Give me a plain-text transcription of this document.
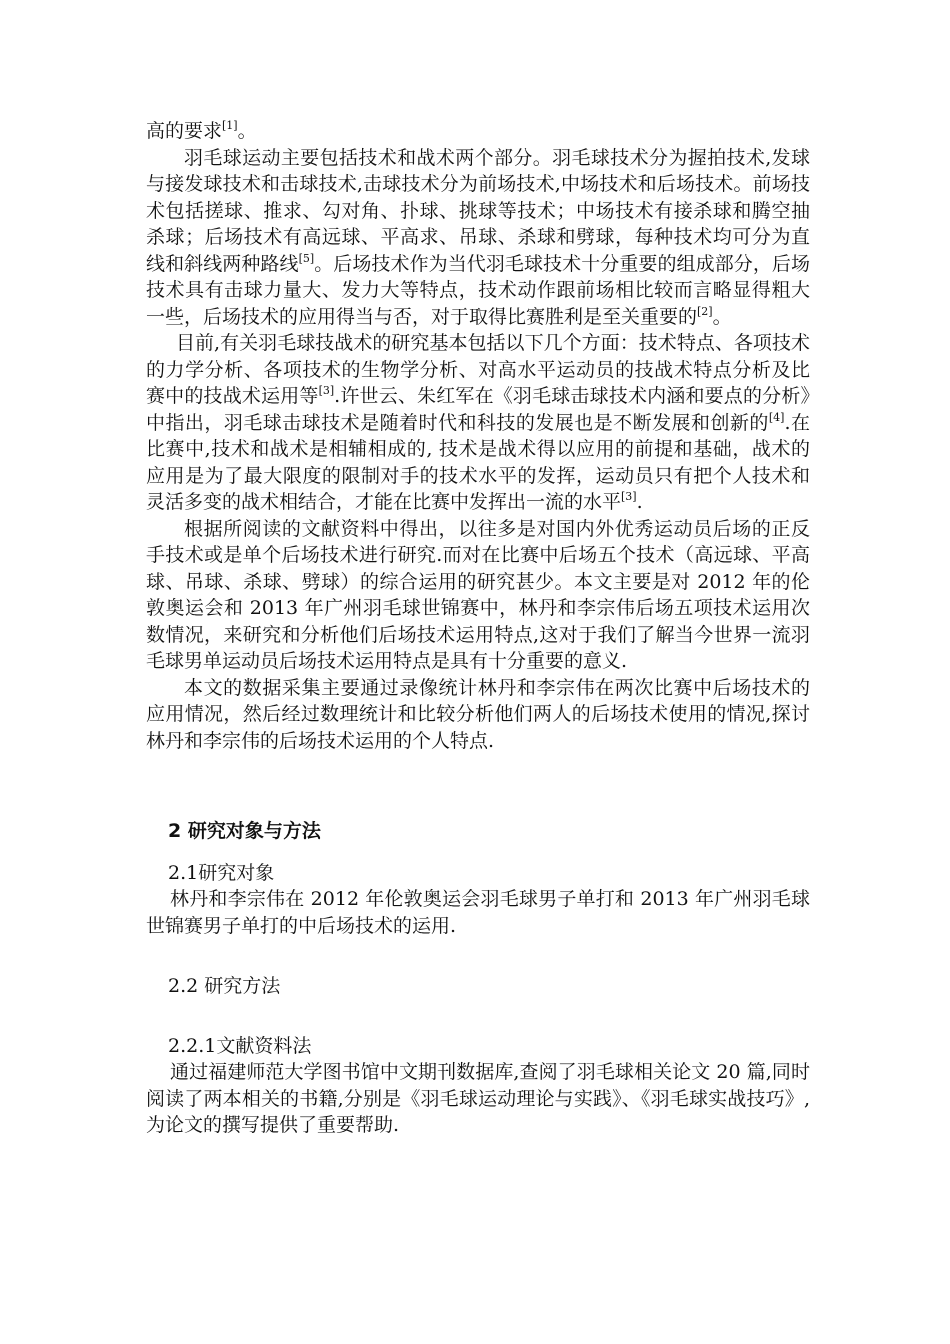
高的要求[1]。

羽毛球运动主要包括技术和战术两个部分。羽毛球技术分为握拍技术,发球与接发球技术和击球技术,击球技术分为前场技术,中场技术和后场技术。前场技术包括搓球、推求、勾对角、扑球、挑球等技术；中场技术有接杀球和腾空抽杀球；后场技术有高远球、平高求、吊球、杀球和劈球，每种技术均可分为直线和斜线两种路线[5]。后场技术作为当代羽毛球技术十分重要的组成部分，后场技术具有击球力量大、发力大等特点，技术动作跟前场相比较而言略显得粗大一些，后场技术的应用得当与否，对于取得比赛胜利是至关重要的[2]。

目前,有关羽毛球技战术的研究基本包括以下几个方面：技术特点、各项技术的力学分析、各项技术的生物学分析、对高水平运动员的技战术特点分析及比赛中的技战术运用等[3].许世云、朱红军在《羽毛球击球技术内涵和要点的分析》中指出，羽毛球击球技术是随着时代和科技的发展也是不断发展和创新的[4].在比赛中,技术和战术是相辅相成的, 技术是战术得以应用的前提和基础，战术的应用是为了最大限度的限制对手的技术水平的发挥，运动员只有把个人技术和灵活多变的战术相结合，才能在比赛中发挥出一流的水平[3].

根据所阅读的文献资料中得出，以往多是对国内外优秀运动员后场的正反手技术或是单个后场技术进行研究.而对在比赛中后场五个技术（高远球、平高球、吊球、杀球、劈球）的综合运用的研究甚少。本文主要是对 2012 年的伦敦奥运会和 2013 年广州羽毛球世锦赛中，林丹和李宗伟后场五项技术运用次数情况，来研究和分析他们后场技术运用特点,这对于我们了解当今世界一流羽毛球男单运动员后场技术运用特点是具有十分重要的意义.

本文的数据采集主要通过录像统计林丹和李宗伟在两次比赛中后场技术的应用情况，然后经过数理统计和比较分析他们两人的后场技术使用的情况,探讨林丹和李宗伟的后场技术运用的个人特点.

2 研究对象与方法
2.1研究对象

林丹和李宗伟在 2012 年伦敦奥运会羽毛球男子单打和 2013 年广州羽毛球世锦赛男子单打的中后场技术的运用.

2.2 研究方法
2.2.1文献资料法

通过福建师范大学图书馆中文期刊数据库,查阅了羽毛球相关论文 20 篇,同时阅读了两本相关的书籍,分别是《羽毛球运动理论与实践》、《羽毛球实战技巧》,为论文的撰写提供了重要帮助.
